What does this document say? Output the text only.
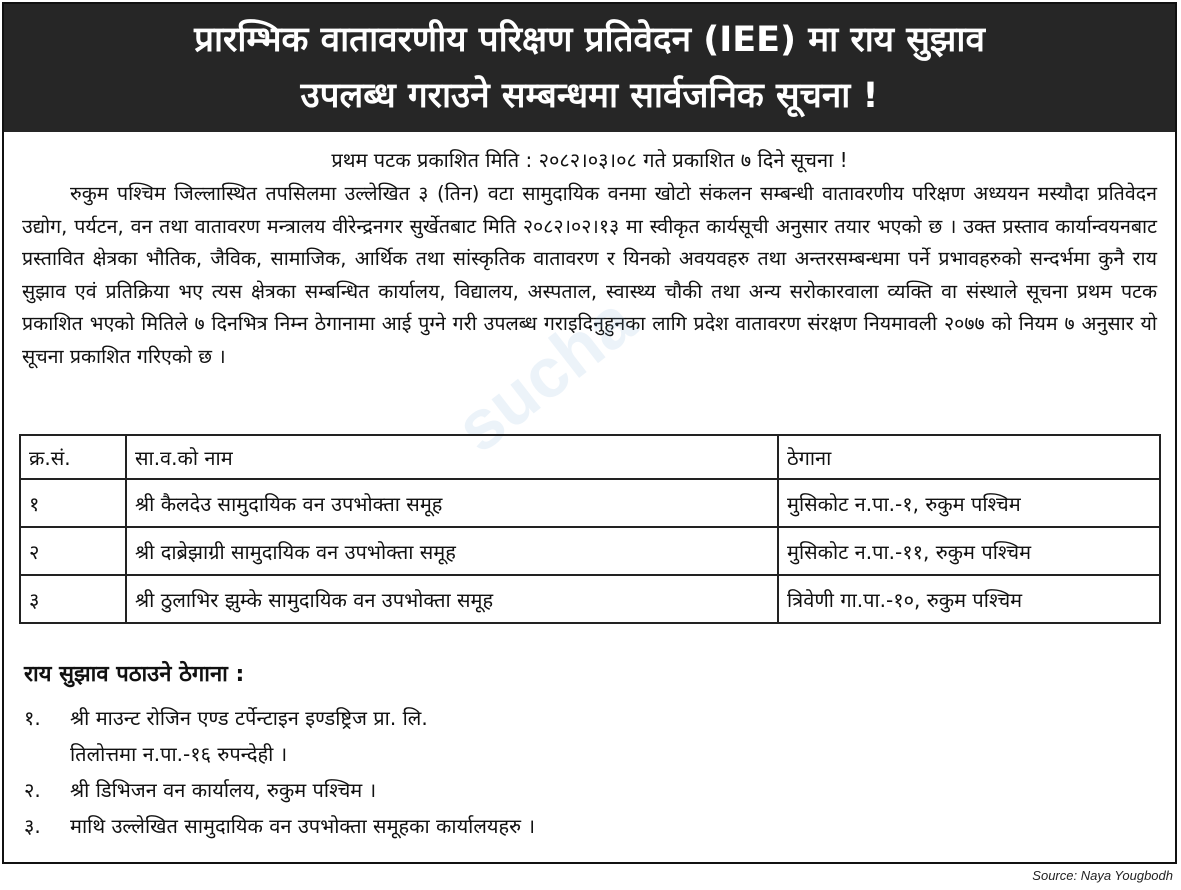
प्रारम्भिक वातावरणीय परिक्षण प्रतिवेदन (IEE) मा राय सुझाव
उपलब्ध गराउने सम्बन्धमा सार्वजनिक सूचना !
प्रथम पटक प्रकाशित मिति : २०८२।०३।०८ गते प्रकाशित ७ दिने सूचना !
रुकुम पश्चिम जिल्लास्थित तपसिलमा उल्लेखित ३ (तिन) वटा सामुदायिक वनमा खोटो संकलन सम्बन्धी वातावरणीय परिक्षण अध्ययन मस्यौदा प्रतिवेदन उद्योग, पर्यटन, वन तथा वातावरण मन्त्रालय वीरेन्द्रनगर सुर्खेतबाट मिति २०८२।०२।१३ मा स्वीकृत कार्यसूची अनुसार तयार भएको छ । उक्त प्रस्ताव कार्यान्वयनबाट प्रस्तावित क्षेत्रका भौतिक, जैविक, सामाजिक, आर्थिक तथा सांस्कृतिक वातावरण र यिनको अवयवहरु तथा अन्तरसम्बन्धमा पर्ने प्रभावहरुको सन्दर्भमा कुनै राय सुझाव एवं प्रतिक्रिया भए त्यस क्षेत्रका सम्बन्धित कार्यालय, विद्यालय, अस्पताल, स्वास्थ्य चौकी तथा अन्य सरोकारवाला व्यक्ति वा संस्थाले सूचना प्रथम पटक प्रकाशित भएको मितिले ७ दिनभित्र निम्न ठेगानामा आई पुग्ने गरी उपलब्ध गराइदिनुहुनका लागि प्रदेश वातावरण संरक्षण नियमावली २०७७ को नियम ७ अनुसार यो सूचना प्रकाशित गरिएको छ ।	sucha
क्र.सं.	सा.व.को नाम	ठेगाना
१	श्री कैलदेउ सामुदायिक वन उपभोक्ता समूह	मुसिकोट न.पा.-१, रुकुम पश्चिम
२	श्री दाब्रेझाग्री सामुदायिक वन उपभोक्ता समूह	मुसिकोट न.पा.-११, रुकुम पश्चिम
३	श्री ठुलाभिर झुम्के सामुदायिक वन उपभोक्ता समूह	त्रिवेणी गा.पा.-१०, रुकुम पश्चिम
राय सुझाव पठाउने ठेगाना :
१.	श्री माउन्ट रोजिन एण्ड टर्पेन्टाइन इण्डष्ट्रिज प्रा. लि.
तिलोत्तमा न.पा.-१६ रुपन्देही ।
२.	श्री डिभिजन वन कार्यालय, रुकुम पश्चिम ।
३.	माथि उल्लेखित सामुदायिक वन उपभोक्ता समूहका कार्यालयहरु ।
Source: Naya Yougbodh
